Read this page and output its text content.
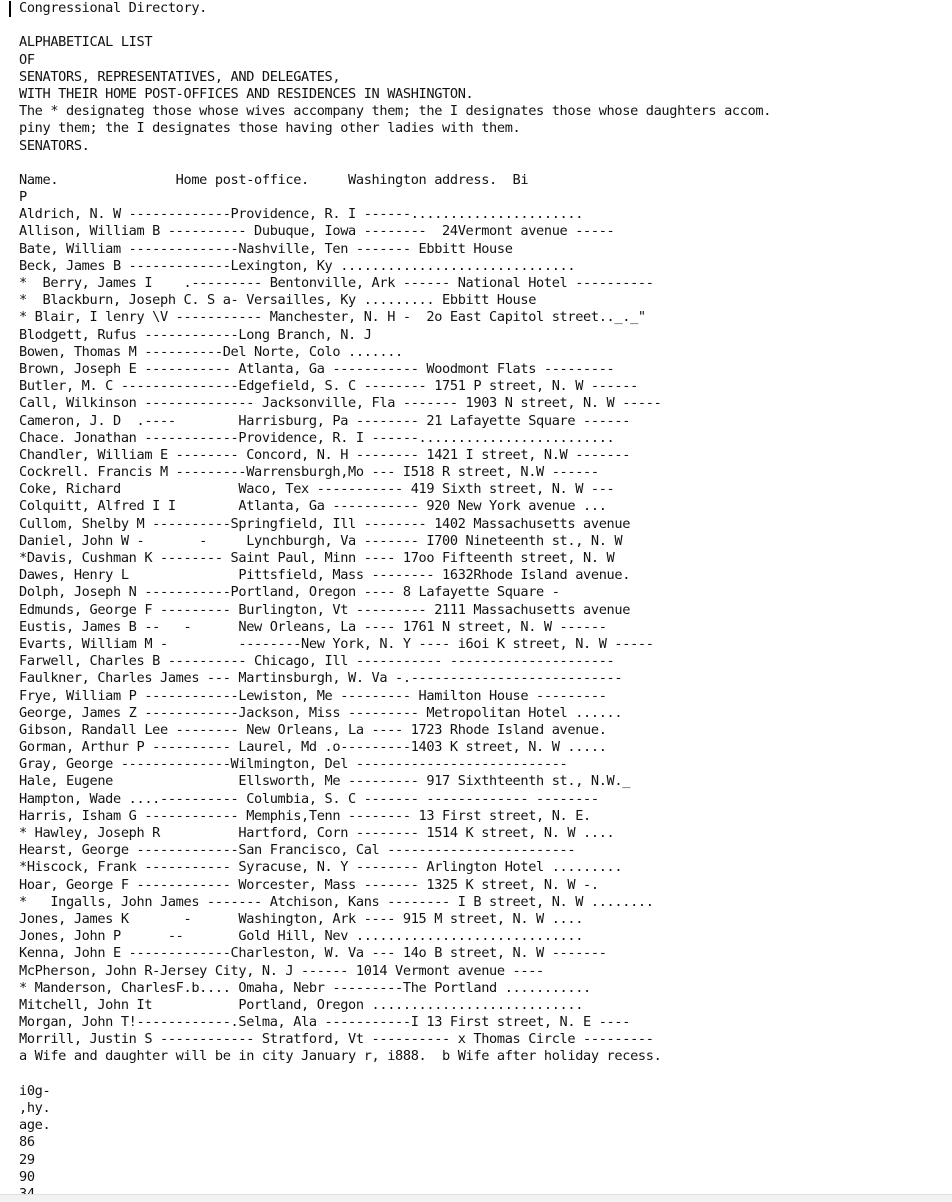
Congressional Directory.
ALPHABETICAL LIST
OF
SENATORS, REPRESENTATIVES, AND DELEGATES,
WITH THEIR HOME POST-OFFICES AND RESIDENCES IN WASHINGTON.
The * designateg those whose wives accompany them; the I designates those whose daughters accom.
piny them; the I designates those having other ladies with them.
SENATORS.
Name.               Home post-office.     Washington address.  Bi
P
Aldrich, N. W -------------Providence, R. I ------......................
Allison, William B ---------- Dubuque, Iowa --------  24Vermont avenue -----
Bate, William --------------Nashville, Ten ------- Ebbitt House
Beck, James B -------------Lexington, Ky ..............................
*  Berry, James I    .--------- Bentonville, Ark ------ National Hotel ----------
*  Blackburn, Joseph C. S a- Versailles, Ky ......... Ebbitt House
* Blair, I lenry \V ----------- Manchester, N. H -  2o East Capitol street.._._"
Blodgett, Rufus ------------Long Branch, N. J
Bowen, Thomas M ----------Del Norte, Colo .......
Brown, Joseph E ----------- Atlanta, Ga ----------- Woodmont Flats ---------
Butler, M. C ---------------Edgefield, S. C -------- 1751 P street, N. W ------
Call, Wilkinson -------------- Jacksonville, Fla ------- 1903 N street, N. W -----
Cameron, J. D  .----        Harrisburg, Pa -------- 21 Lafayette Square ------
Chace. Jonathan ------------Providence, R. I ------.........................
Chandler, William E -------- Concord, N. H -------- 1421 I street, N.W -------
Cockrell. Francis M ---------Warrensburgh,Mo --- I518 R street, N.W ------
Coke, Richard               Waco, Tex ----------- 419 Sixth street, N. W ---
Colquitt, Alfred I I        Atlanta, Ga ----------- 920 New York avenue ...
Cullom, Shelby M ----------Springfield, Ill -------- 1402 Massachusetts avenue
Daniel, John W -       -     Lynchburgh, Va ------- I700 Nineteenth st., N. W
*Davis, Cushman K -------- Saint Paul, Minn ---- 17oo Fifteenth street, N. W
Dawes, Henry L              Pittsfield, Mass -------- 1632Rhode Island avenue.
Dolph, Joseph N -----------Portland, Oregon ---- 8 Lafayette Square -
Edmunds, George F --------- Burlington, Vt --------- 2111 Massachusetts avenue
Eustis, James B --   -      New Orleans, La ---- 1761 N street, N. W ------
Evarts, William M -         --------New York, N. Y ---- i6oi K street, N. W -----
Farwell, Charles B ---------- Chicago, Ill ----------- ---------------------
Faulkner, Charles James --- Martinsburgh, W. Va -.---------------------------
Frye, William P ------------Lewiston, Me --------- Hamilton House ---------
George, James Z ------------Jackson, Miss --------- Metropolitan Hotel ......
Gibson, Randall Lee -------- New Orleans, La ---- 1723 Rhode Island avenue.
Gorman, Arthur P ---------- Laurel, Md .o---------1403 K street, N. W .....
Gray, George --------------Wilmington, Del ---------------------------
Hale, Eugene                Ellsworth, Me --------- 917 Sixthteenth st., N.W._
Hampton, Wade ....---------- Columbia, S. C ------- ------------- --------
Harris, Isham G ------------ Memphis,Tenn -------- 13 First street, N. E.
* Hawley, Joseph R          Hartford, Corn -------- 1514 K street, N. W ....
Hearst, George -------------San Francisco, Cal ------------------------
*Hiscock, Frank ----------- Syracuse, N. Y -------- Arlington Hotel .........
Hoar, George F ------------ Worcester, Mass ------- 1325 K street, N. W -.
*   Ingalls, John James ------- Atchison, Kans -------- I B street, N. W ........
Jones, James K       -      Washington, Ark ---- 915 M street, N. W ....
Jones, John P      --       Gold Hill, Nev .............................
Kenna, John E -------------Charleston, W. Va --- 14o B street, N. W -------
McPherson, John R-Jersey City, N. J ------ 1014 Vermont avenue ----
* Manderson, CharlesF.b.... Omaha, Nebr ---------The Portland ...........
Mitchell, John It           Portland, Oregon ...........................
Morgan, John T!------------.Selma, Ala -----------I 13 First street, N. E ----
Morrill, Justin S ------------ Stratford, Vt ---------- x Thomas Circle ---------
a Wife and daughter will be in city January r, i888.  b Wife after holiday recess.
i0g-
,hy.
age.
86
29
90
